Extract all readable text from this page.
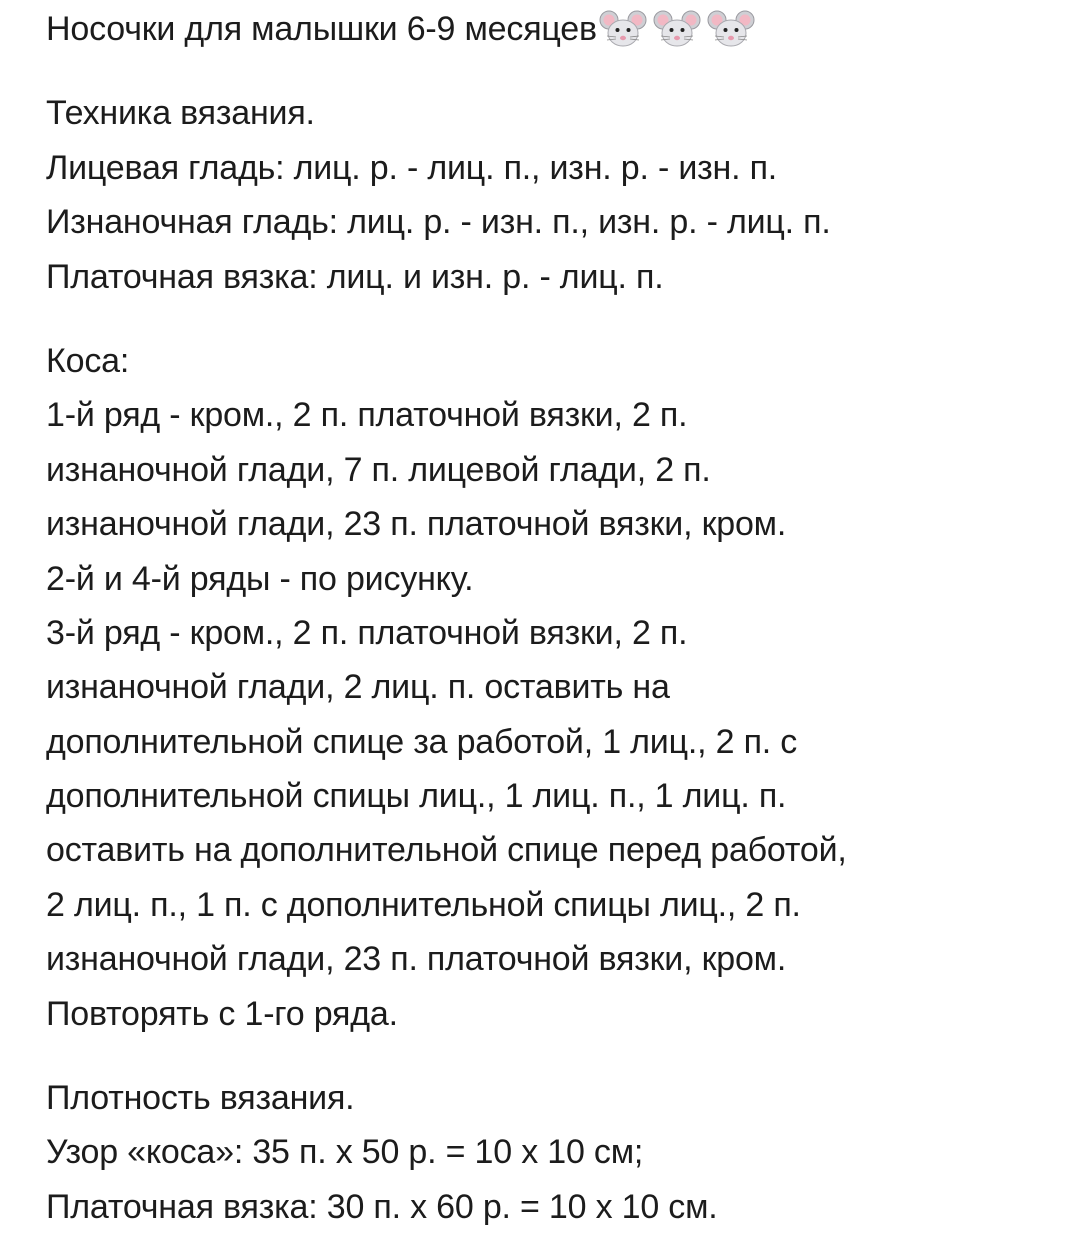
Носочки для малышки 6-9 месяцев
Техника вязания.
Лицевая гладь: лиц. р. - лиц. п., изн. р. - изн. п.
Изнаночная гладь: лиц. р. - изн. п., изн. р. - лиц. п.
Платочная вязка: лиц. и изн. р. - лиц. п.
Коса:
1-й ряд - кром., 2 п. платочной вязки, 2 п.
изнаночной глади, 7 п. лицевой глади, 2 п.
изнаночной глади, 23 п. платочной вязки, кром.
2-й и 4-й ряды - по рисунку.
3-й ряд - кром., 2 п. платочной вязки, 2 п.
изнаночной глади, 2 лиц. п. оставить на
дополнительной спице за работой, 1 лиц., 2 п. с
дополнительной спицы лиц., 1 лиц. п., 1 лиц. п.
оставить на дополнительной спице перед работой,
2 лиц. п., 1 п. с дополнительной спицы лиц., 2 п.
изнаночной глади, 23 п. платочной вязки, кром.
Повторять с 1-го ряда.
Плотность вязания.
Узор «коса»: 35 п. х 50 р. = 10 х 10 см;
Платочная вязка: 30 п. х 60 р. = 10 х 10 см.
